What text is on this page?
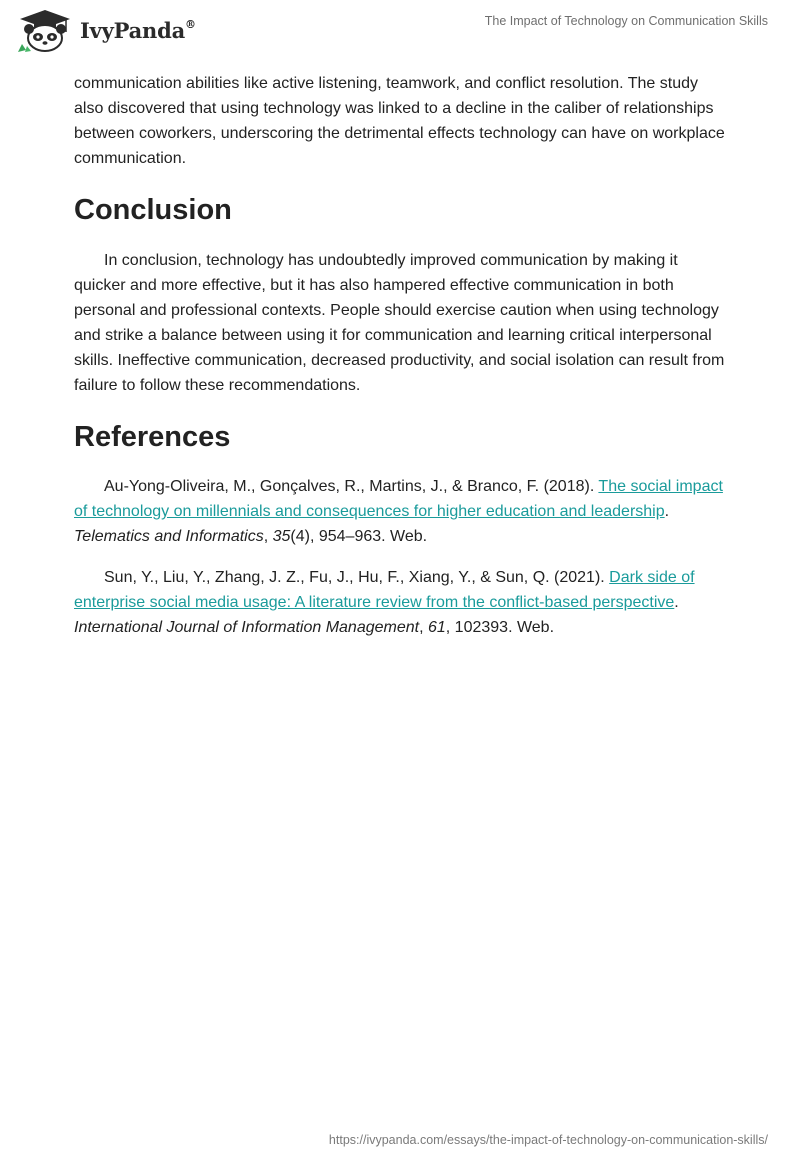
IvyPanda®	The Impact of Technology on Communication Skills

communication abilities like active listening, teamwork, and conflict resolution. The study also discovered that using technology was linked to a decline in the caliber of relationships between coworkers, underscoring the detrimental effects technology can have on workplace communication.

Conclusion

In conclusion, technology has undoubtedly improved communication by making it quicker and more effective, but it has also hampered effective communication in both personal and professional contexts. People should exercise caution when using technology and strike a balance between using it for communication and learning critical interpersonal skills. Ineffective communication, decreased productivity, and social isolation can result from failure to follow these recommendations.

References

Au-Yong-Oliveira, M., Gonçalves, R., Martins, J., & Branco, F. (2018). The social impact of technology on millennials and consequences for higher education and leadership. Telematics and Informatics, 35(4), 954–963. Web.

Sun, Y., Liu, Y., Zhang, J. Z., Fu, J., Hu, F., Xiang, Y., & Sun, Q. (2021). Dark side of enterprise social media usage: A literature review from the conflict-based perspective. International Journal of Information Management, 61, 102393. Web.

https://ivypanda.com/essays/the-impact-of-technology-on-communication-skills/
